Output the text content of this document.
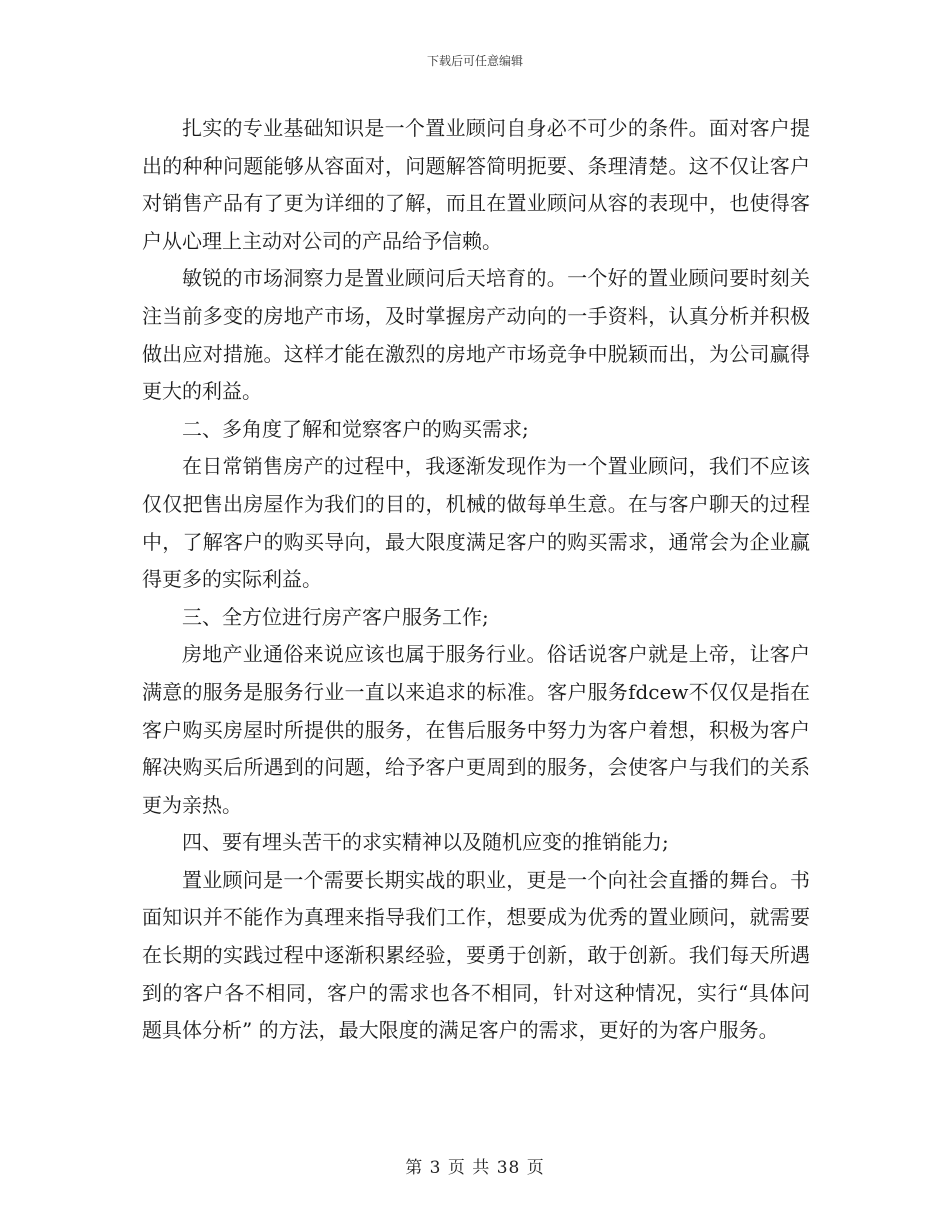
下载后可任意编辑

扎实的专业基础知识是一个置业顾问自身必不可少的条件。面对客户提出的种种问题能够从容面对，问题解答简明扼要、条理清楚。这不仅让客户对销售产品有了更为详细的了解，而且在置业顾问从容的表现中，也使得客户从心理上主动对公司的产品给予信赖。

敏锐的市场洞察力是置业顾问后天培育的。一个好的置业顾问要时刻关注当前多变的房地产市场，及时掌握房产动向的一手资料，认真分析并积极做出应对措施。这样才能在激烈的房地产市场竞争中脱颖而出，为公司赢得更大的利益。

二、多角度了解和觉察客户的购买需求;

在日常销售房产的过程中，我逐渐发现作为一个置业顾问，我们不应该仅仅把售出房屋作为我们的目的，机械的做每单生意。在与客户聊天的过程中，了解客户的购买导向，最大限度满足客户的购买需求，通常会为企业赢得更多的实际利益。

三、全方位进行房产客户服务工作;

房地产业通俗来说应该也属于服务行业。俗话说客户就是上帝，让客户满意的服务是服务行业一直以来追求的标准。客户服务fdcew不仅仅是指在客户购买房屋时所提供的服务，在售后服务中努力为客户着想，积极为客户解决购买后所遇到的问题，给予客户更周到的服务，会使客户与我们的关系更为亲热。

四、要有埋头苦干的求实精神以及随机应变的推销能力;

置业顾问是一个需要长期实战的职业，更是一个向社会直播的舞台。书面知识并不能作为真理来指导我们工作，想要成为优秀的置业顾问，就需要在长期的实践过程中逐渐积累经验，要勇于创新，敢于创新。我们每天所遇到的客户各不相同，客户的需求也各不相同，针对这种情况，实行“具体问题具体分析” 的方法，最大限度的满足客户的需求，更好的为客户服务。

第 3 页 共 38 页
